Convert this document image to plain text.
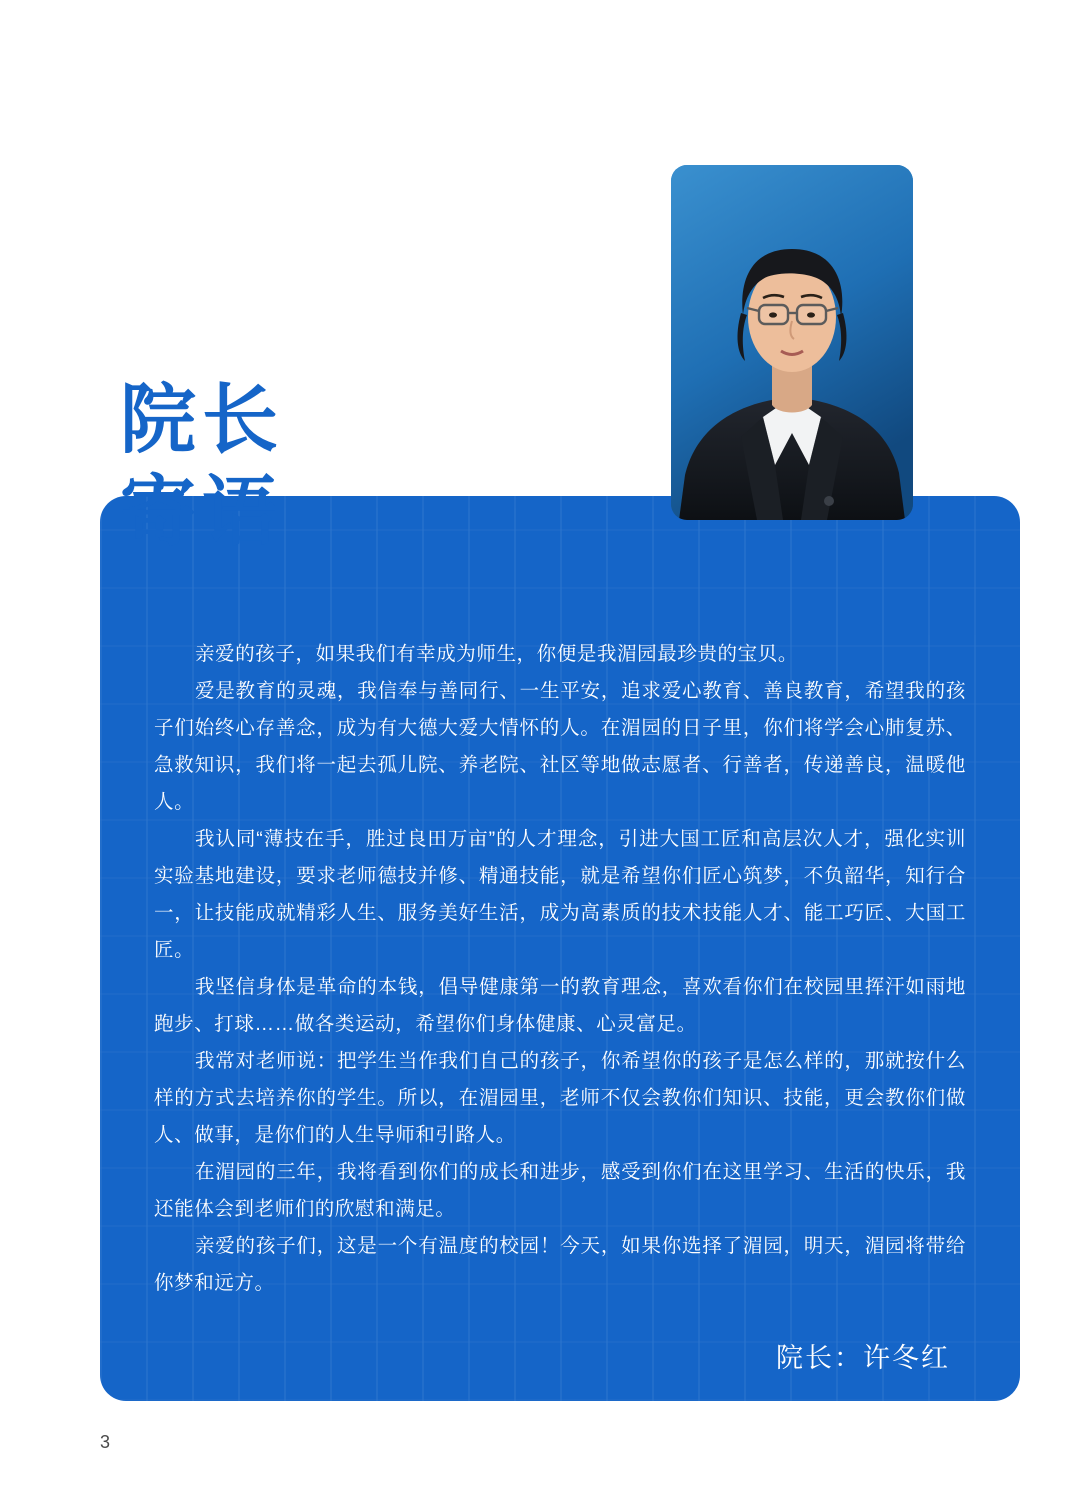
院长
寄语

亲爱的孩子，如果我们有幸成为师生，你便是我湄园最珍贵的宝贝。

爱是教育的灵魂，我信奉与善同行、一生平安，追求爱心教育、善良教育，希望我的孩子们始终心存善念，成为有大德大爱大情怀的人。在湄园的日子里，你们将学会心肺复苏、急救知识，我们将一起去孤儿院、养老院、社区等地做志愿者、行善者，传递善良，温暖他人。

我认同“薄技在手，胜过良田万亩”的人才理念，引进大国工匠和高层次人才，强化实训实验基地建设，要求老师德技并修、精通技能，就是希望你们匠心筑梦，不负韶华，知行合一，让技能成就精彩人生、服务美好生活，成为高素质的技术技能人才、能工巧匠、大国工匠。

我坚信身体是革命的本钱，倡导健康第一的教育理念，喜欢看你们在校园里挥汗如雨地跑步、打球……做各类运动，希望你们身体健康、心灵富足。

我常对老师说：把学生当作我们自己的孩子，你希望你的孩子是怎么样的，那就按什么样的方式去培养你的学生。所以，在湄园里，老师不仅会教你们知识、技能，更会教你们做人、做事，是你们的人生导师和引路人。

在湄园的三年，我将看到你们的成长和进步，感受到你们在这里学习、生活的快乐，我还能体会到老师们的欣慰和满足。

亲爱的孩子们，这是一个有温度的校园！今天，如果你选择了湄园，明天，湄园将带给你梦和远方。

院长：许冬红
3
